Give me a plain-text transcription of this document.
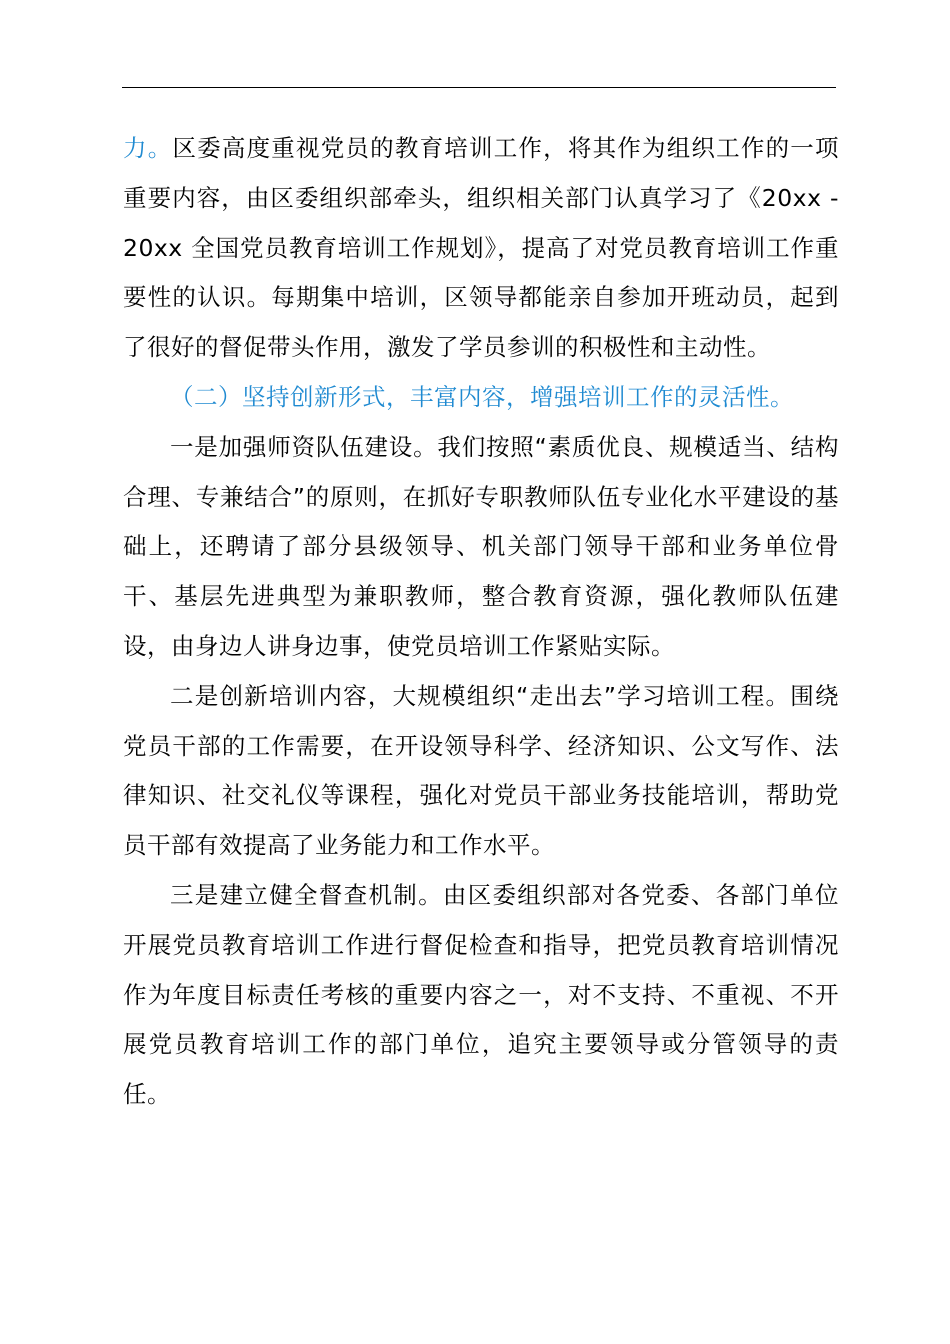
力。区委高度重视党员的教育培训工作，将其作为组织工作的一项重要内容，由区委组织部牵头，组织相关部门认真学习了《20xx - 20xx 全国党员教育培训工作规划》，提高了对党员教育培训工作重要性的认识。每期集中培训，区领导都能亲自参加开班动员，起到了很好的督促带头作用，激发了学员参训的积极性和主动性。

（二）坚持创新形式，丰富内容，增强培训工作的灵活性。

一是加强师资队伍建设。我们按照“素质优良、规模适当、结构合理、专兼结合”的原则，在抓好专职教师队伍专业化水平建设的基础上，还聘请了部分县级领导、机关部门领导干部和业务单位骨干、基层先进典型为兼职教师，整合教育资源，强化教师队伍建设，由身边人讲身边事，使党员培训工作紧贴实际。

二是创新培训内容，大规模组织“走出去”学习培训工程。围绕党员干部的工作需要，在开设领导科学、经济知识、公文写作、法律知识、社交礼仪等课程，强化对党员干部业务技能培训，帮助党员干部有效提高了业务能力和工作水平。

三是建立健全督查机制。由区委组织部对各党委、各部门单位开展党员教育培训工作进行督促检查和指导，把党员教育培训情况作为年度目标责任考核的重要内容之一，对不支持、不重视、不开展党员教育培训工作的部门单位，追究主要领导或分管领导的责任。
